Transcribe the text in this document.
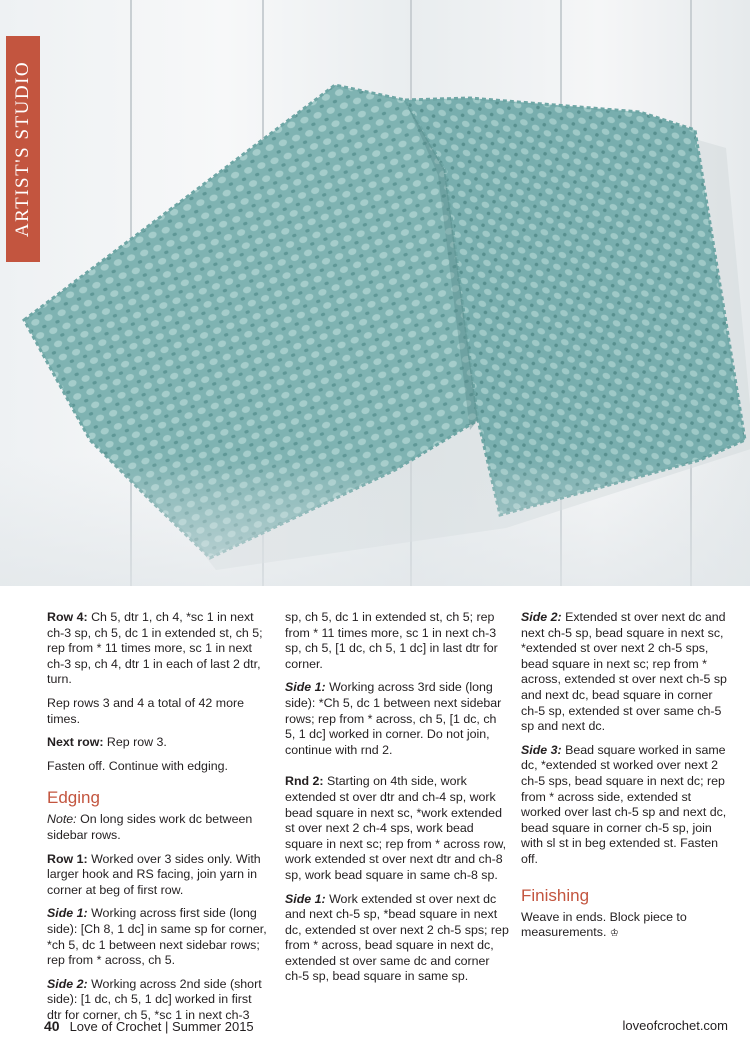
ARTIST'S STUDIO

Row 4: Ch 5, dtr 1, ch 4, *sc 1 in next ch-3 sp, ch 5, dc 1 in extended st, ch 5; rep from * 11 times more, sc 1 in next ch-3 sp, ch 4, dtr 1 in each of last 2 dtr, turn.

Rep rows 3 and 4 a total of 42 more times.

Next row: Rep row 3.

Fasten off. Continue with edging.

Edging

Note: On long sides work dc between sidebar rows.

Row 1: Worked over 3 sides only. With larger hook and RS facing, join yarn in corner at beg of first row.

Side 1: Working across first side (long side): [Ch 8, 1 dc] in same sp for corner, *ch 5, dc 1 between next sidebar rows; rep from * across, ch 5.

Side 2: Working across 2nd side (short side): [1 dc, ch 5, 1 dc] worked in first dtr for corner, ch 5, *sc 1 in next ch-3

sp, ch 5, dc 1 in extended st, ch 5; rep from * 11 times more, sc 1 in next ch-3 sp, ch 5, [1 dc, ch 5, 1 dc] in last dtr for corner.

Side 1: Working across 3rd side (long side): *Ch 5, dc 1 between next sidebar rows; rep from * across, ch 5, [1 dc, ch 5, 1 dc] worked in corner. Do not join, continue with rnd 2.

Rnd 2: Starting on 4th side, work extended st over dtr and ch-4 sp, work bead square in next sc, *work extended st over next 2 ch-4 sps, work bead square in next sc; rep from * across row, work extended st over next dtr and ch-8 sp, work bead square in same ch-8 sp.

Side 1: Work extended st over next dc and next ch-5 sp, *bead square in next dc, extended st over next 2 ch-5 sps; rep from * across, bead square in next dc, extended st over same dc and corner ch-5 sp, bead square in same sp.

Side 2: Extended st over next dc and next ch-5 sp, bead square in next sc, *extended st over next 2 ch-5 sps, bead square in next sc; rep from * across, extended st over next ch-5 sp and next dc, bead square in corner ch-5 sp, extended st over same ch-5 sp and next dc.

Side 3: Bead square worked in same dc, *extended st worked over next 2 ch-5 sps, bead square in next dc; rep from * across side, extended st worked over last ch-5 sp and next dc, bead square in corner ch-5 sp, join with sl st in beg extended st. Fasten off.

Finishing

Weave in ends. Block piece to measurements. ♔

40 Love of Crochet | Summer 2015	loveofcrochet.com
